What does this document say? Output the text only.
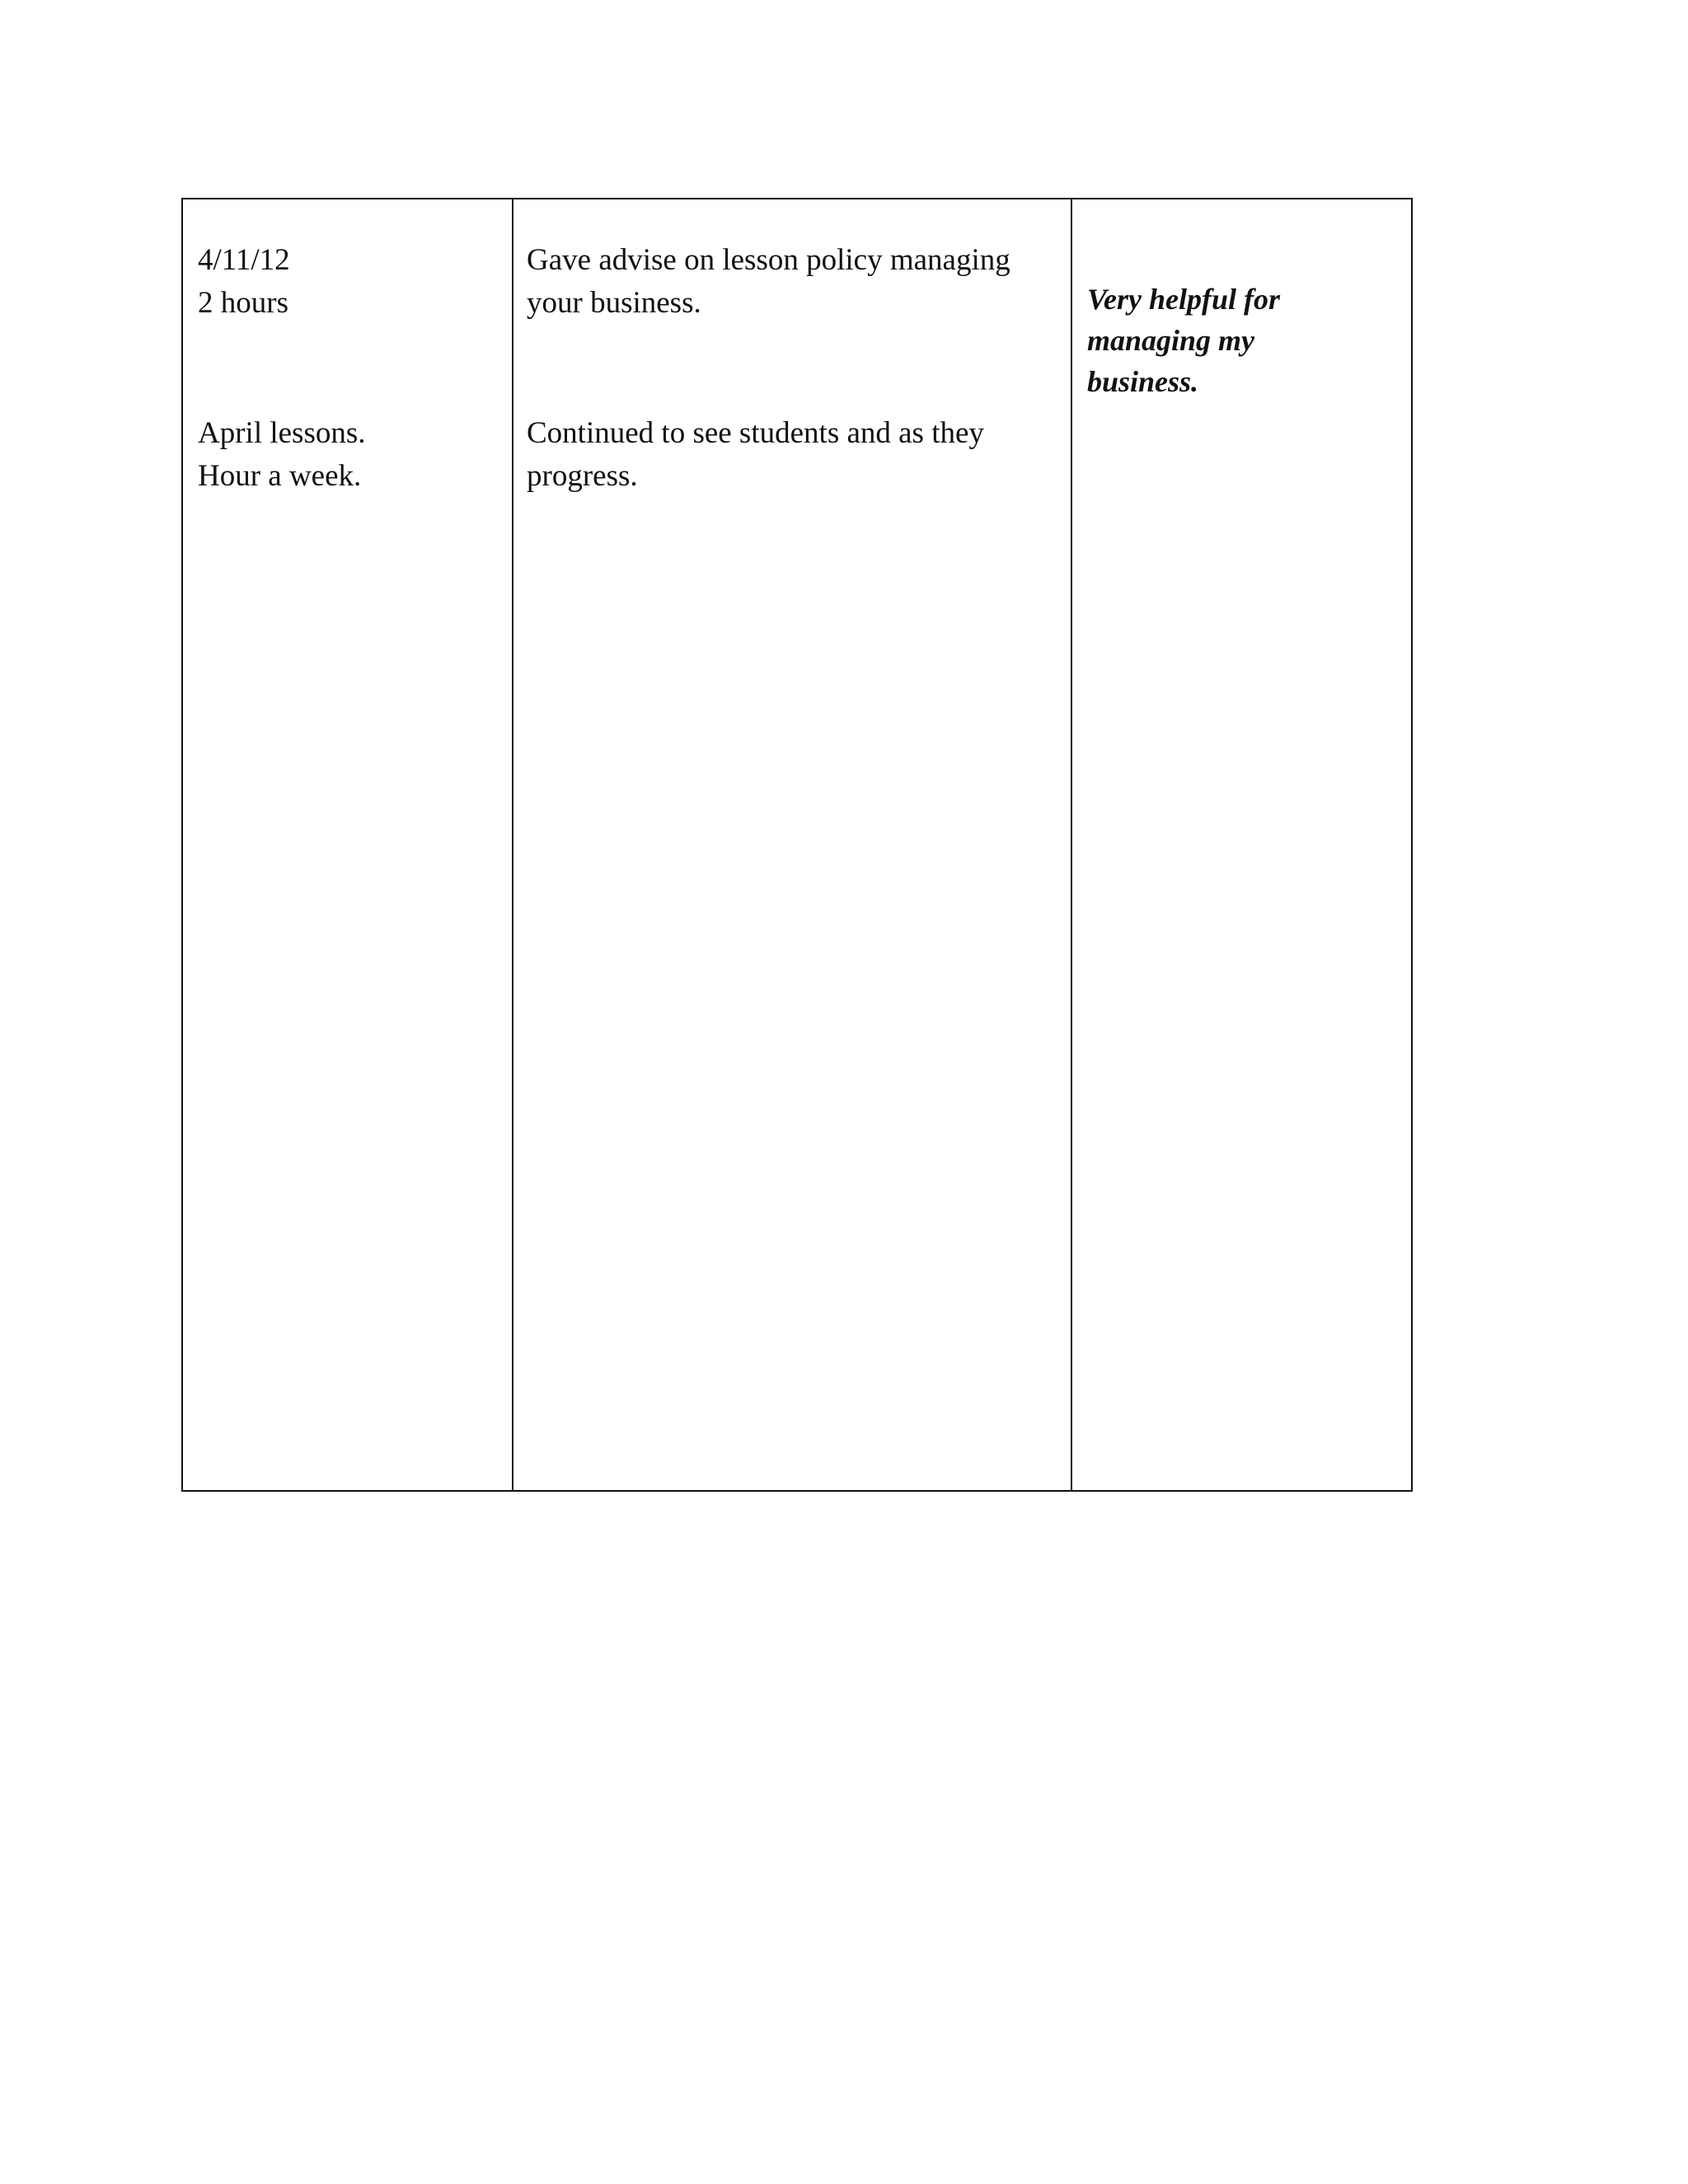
4/11/12
2 hours

April lessons.
Hour a week.

Gave advise on lesson policy managing
your business.

Continued to see students and as they
progress.

Very helpful for
managing my
business.
